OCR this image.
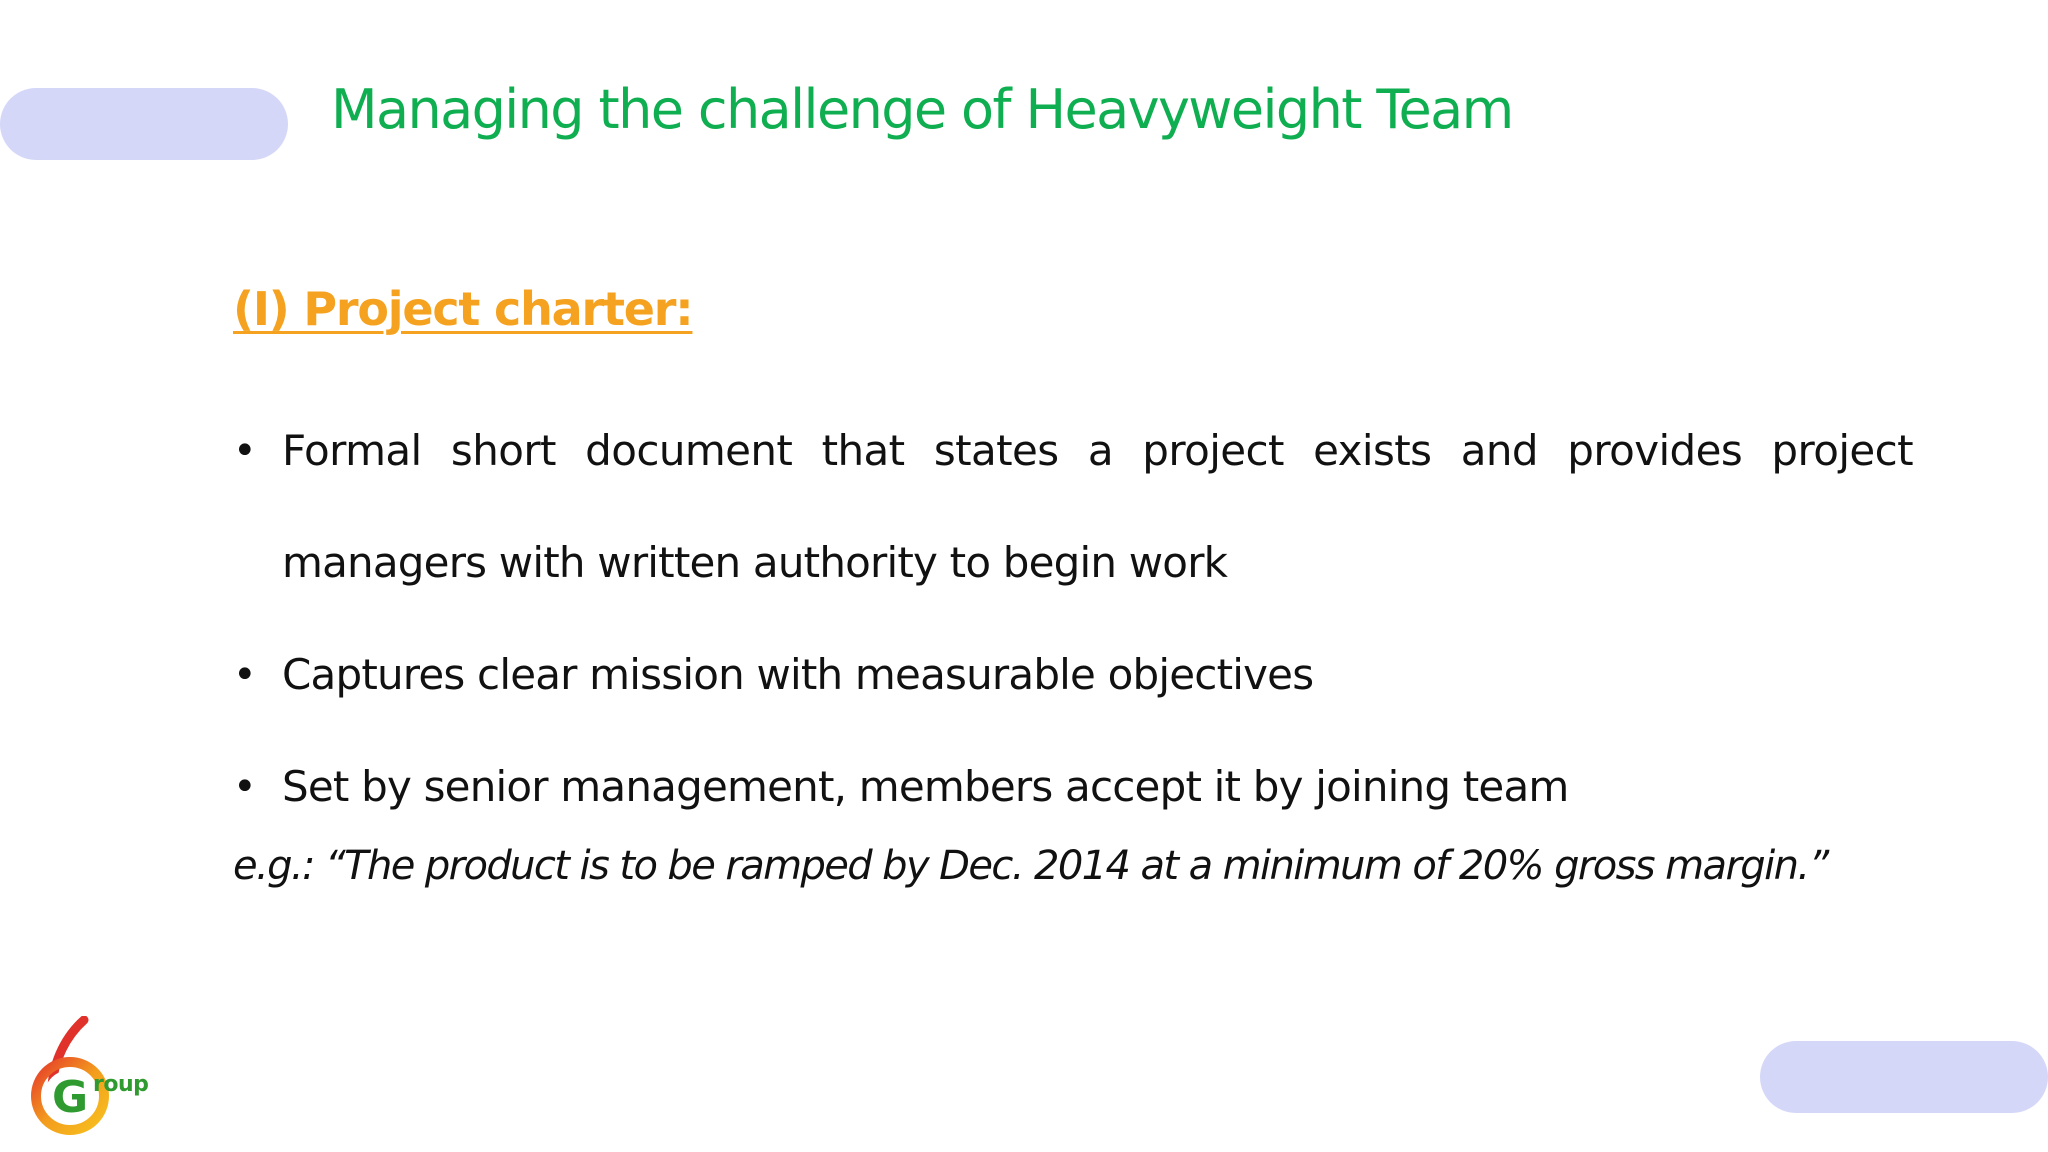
Managing the challenge of Heavyweight Team
(I) Project charter:
• Formal short document that states a project exists and provides project
managers with written authority to begin work
• Captures clear mission with measurable objectives
• Set by senior management, members accept it by joining team

e.g.: “The product is to be ramped by Dec. 2014 at a minimum of 20% gross margin.”

G
6
roup
